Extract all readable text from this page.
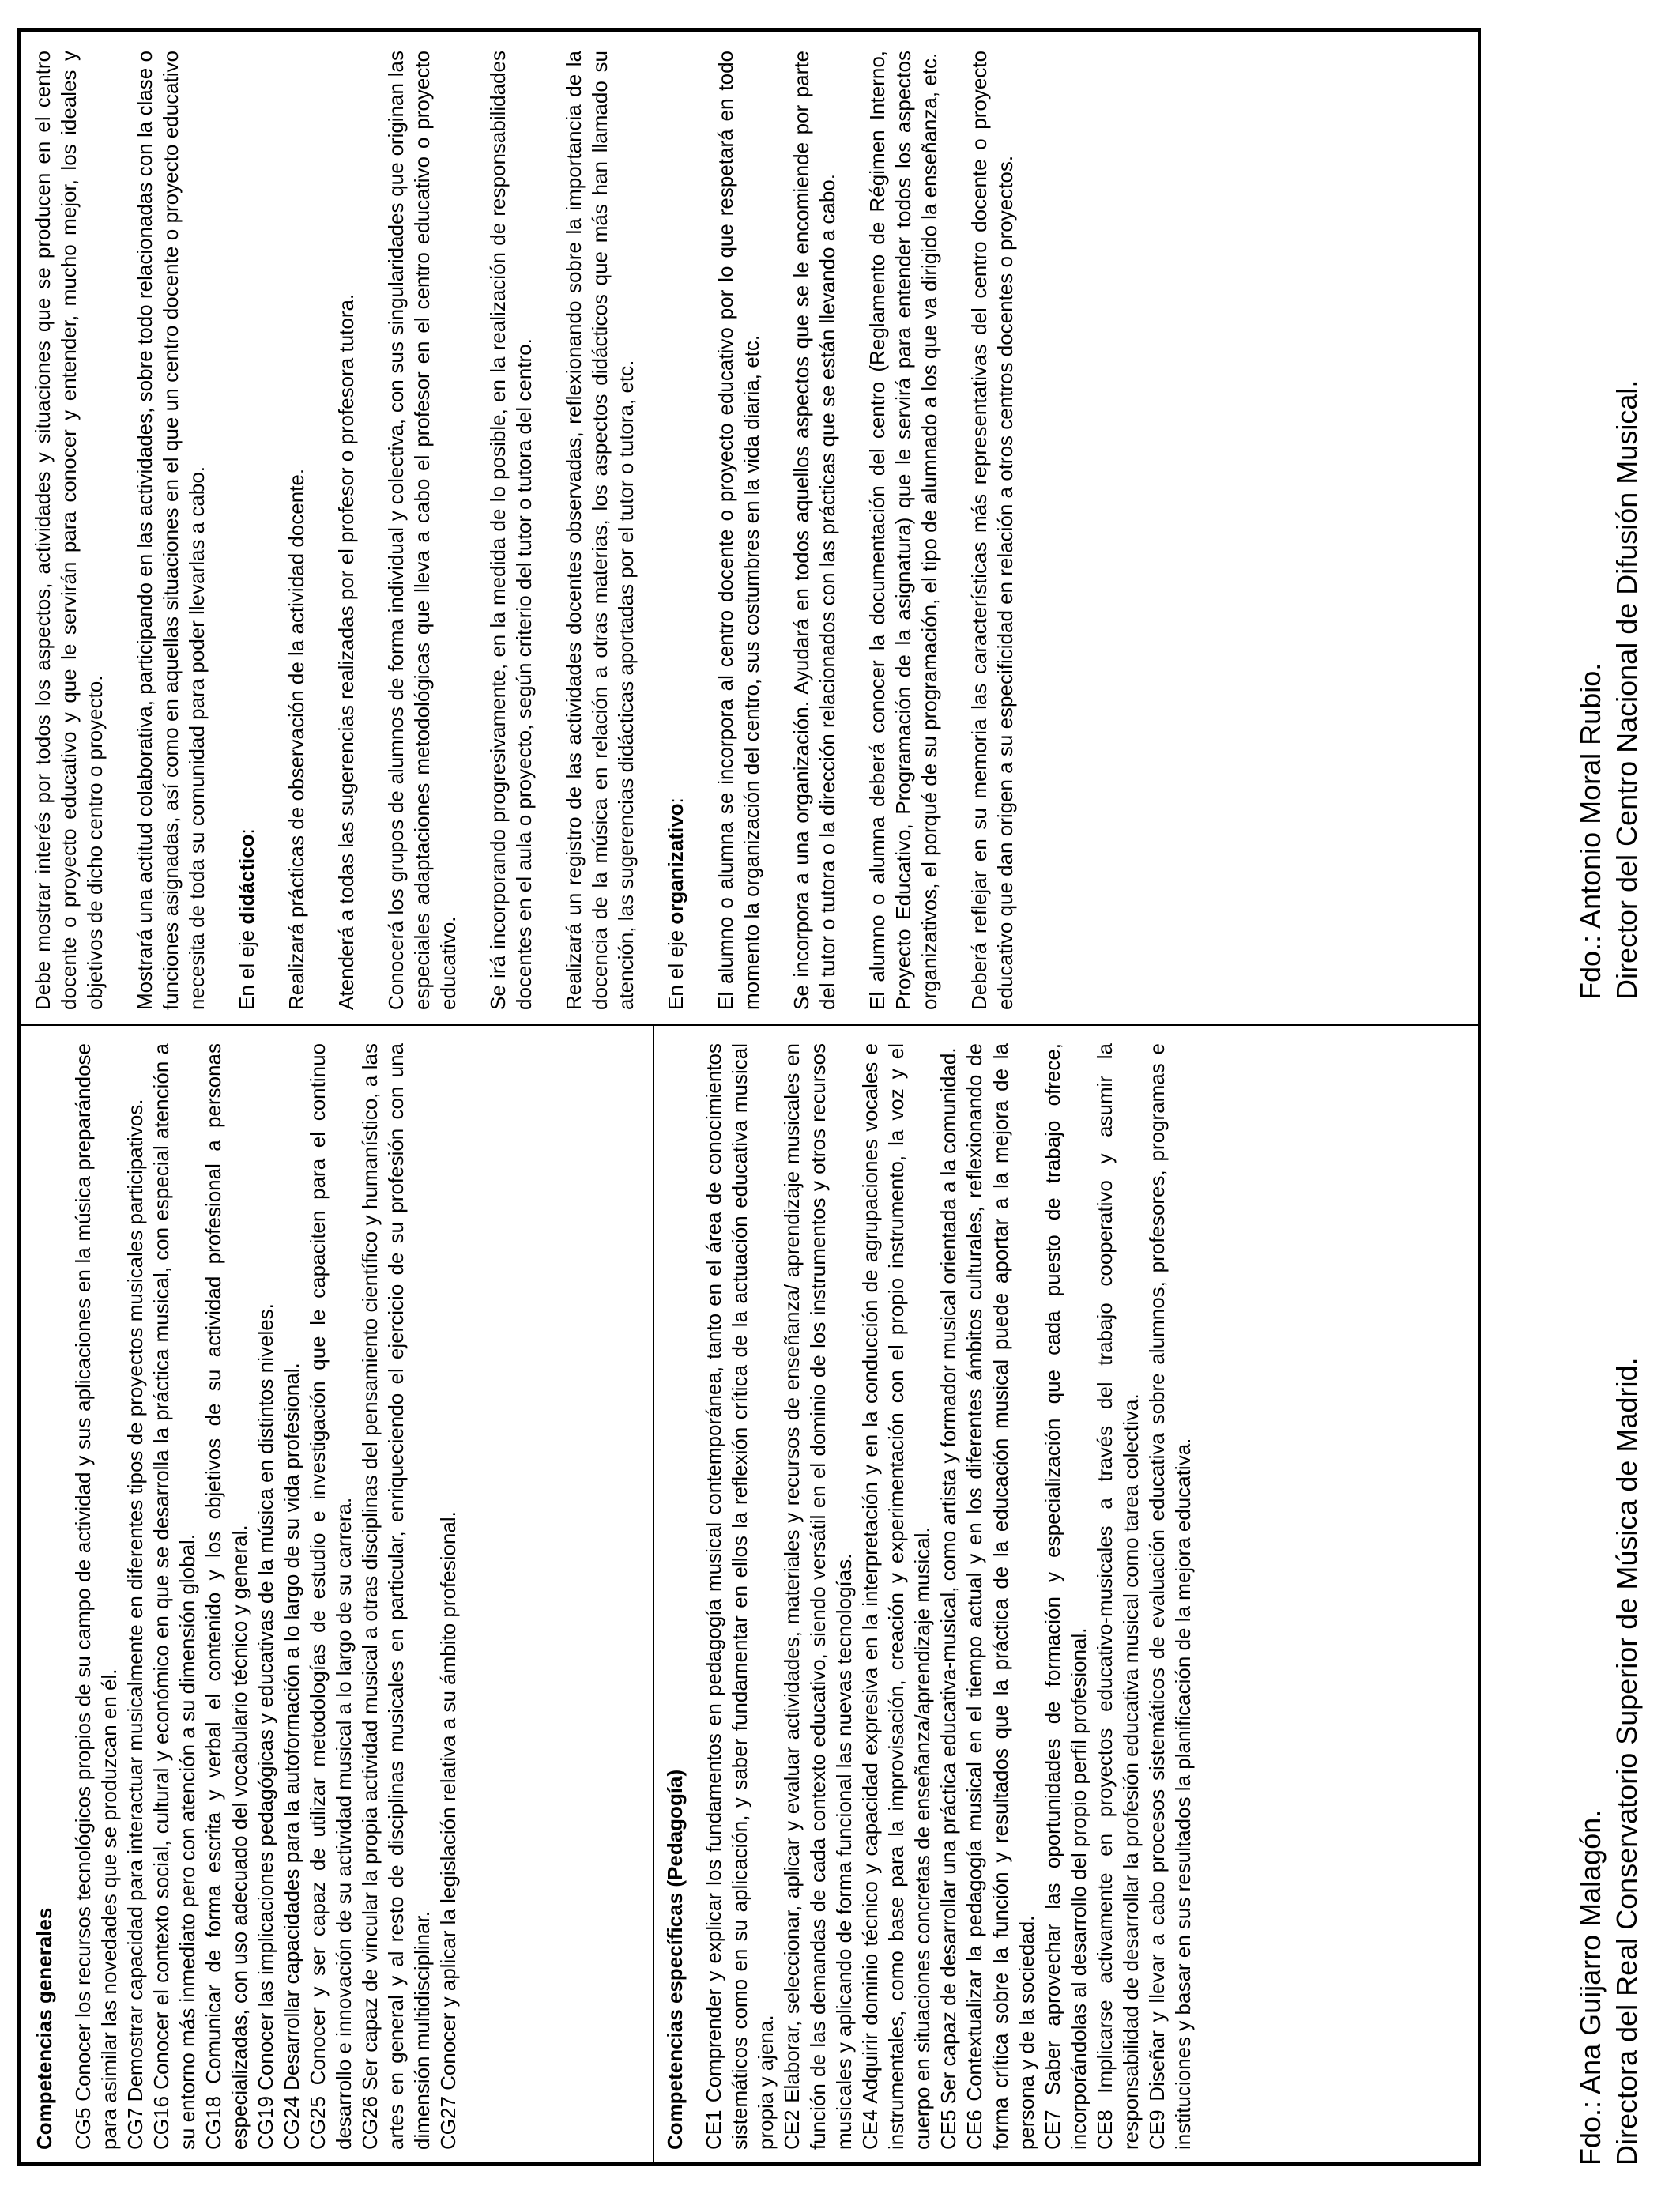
Competencias generales CG5 Conocer los recursos tecnológicos propios de su campo de actividad y sus aplicaciones en la música preparándose para asimilar las novedades que se produzcan en él. CG7 Demostrar capacidad para interactuar musicalmente en diferentes tipos de proyectos musicales participativos. CG16 Conocer el contexto social, cultural y económico en que se desarrolla la práctica musical, con especial atención a su entorno más inmediato pero con atención a su dimensión global. CG18 Comunicar de forma escrita y verbal el contenido y los objetivos de su actividad profesional a personas especializadas, con uso adecuado del vocabulario técnico y general. CG19 Conocer las implicaciones pedagógicas y educativas de la música en distintos niveles. CG24 Desarrollar capacidades para la autoformación a lo largo de su vida profesional. CG25 Conocer y ser capaz de utilizar metodologías de estudio e investigación que le capaciten para el continuo desarrollo e innovación de su actividad musical a lo largo de su carrera. CG26 Ser capaz de vincular la propia actividad musical a otras disciplinas del pensamiento científico y humanístico, a las artes en general y al resto de disciplinas musicales en particular, enriqueciendo el ejercicio de su profesión con una dimensión multidisciplinar. CG27 Conocer y aplicar la legislación relativa a su ámbito profesional.	Competencias específicas (Pedagogía) CE1 Comprender y explicar los fundamentos en pedagogía musical contemporánea, tanto en el área de conocimientos sistemáticos como en su aplicación, y saber fundamentar en ellos la reflexión crítica de la actuación educativa musical propia y ajena. CE2 Elaborar, seleccionar, aplicar y evaluar actividades, materiales y recursos de enseñanza/ aprendizaje musicales en función de las demandas de cada contexto educativo, siendo versátil en el dominio de los instrumentos y otros recursos musicales y aplicando de forma funcional las nuevas tecnologías. CE4 Adquirir dominio técnico y capacidad expresiva en la interpretación y en la conducción de agrupaciones vocales e instrumentales, como base para la improvisación, creación y experimentación con el propio instrumento, la voz y el cuerpo en situaciones concretas de enseñanza/aprendizaje musical. CE5 Ser capaz de desarrollar una práctica educativa-musical, como artista y formador musical orientada a la comunidad. CE6 Contextualizar la pedagogía musical en el tiempo actual y en los diferentes ámbitos culturales, reflexionando de forma crítica sobre la función y resultados que la práctica de la educación musical puede aportar a la mejora de la persona y de la sociedad. CE7 Saber aprovechar las oportunidades de formación y especialización que cada puesto de trabajo ofrece, incorporándolas al desarrollo del propio perfil profesional. CE8 Implicarse activamente en proyectos educativo-musicales a través del trabajo cooperativo y asumir la responsabilidad de desarrollar la profesión educativa musical como tarea colectiva. CE9 Diseñar y llevar a cabo procesos sistemáticos de evaluación educativa sobre alumnos, profesores, programas e instituciones y basar en sus resultados la planificación de la mejora educativa.

Debe mostrar interés por todos los aspectos, actividades y situaciones que se producen en el centro docente o proyecto educativo y que le servirán para conocer y entender, mucho mejor, los ideales y objetivos de dicho centro o proyecto. Mostrará una actitud colaborativa, participando en las actividades, sobre todo relacionadas con la clase o funciones asignadas, así como en aquellas situaciones en el que un centro docente o proyecto educativo necesita de toda su comunidad para poder llevarlas a cabo. En el eje didáctico: Realizará prácticas de observación de la actividad docente. Atenderá a todas las sugerencias realizadas por el profesor o profesora tutora. Conocerá los grupos de alumnos de forma individual y colectiva, con sus singularidades que originan las especiales adaptaciones metodológicas que lleva a cabo el profesor en el centro educativo o proyecto educativo. Se irá incorporando progresivamente, en la medida de lo posible, en la realización de responsabilidades docentes en el aula o proyecto, según criterio del tutor o tutora del centro. Realizará un registro de las actividades docentes observadas, reflexionando sobre la importancia de la docencia de la música en relación a otras materias, los aspectos didácticos que más han llamado su atención, las sugerencias didácticas aportadas por el tutor o tutora, etc. En el eje organizativo: El alumno o alumna se incorpora al centro docente o proyecto educativo por lo que respetará en todo momento la organización del centro, sus costumbres en la vida diaria, etc. Se incorpora a una organización. Ayudará en todos aquellos aspectos que se le encomiende por parte del tutor o tutora o la dirección relacionados con las prácticas que se están llevando a cabo. El alumno o alumna deberá conocer la documentación del centro (Reglamento de Régimen Interno, Proyecto Educativo, Programación de la asignatura) que le servirá para entender todos los aspectos organizativos, el porqué de su programación, el tipo de alumnado a los que va dirigido la enseñanza, etc. Deberá reflejar en su memoria las características más representativas del centro docente o proyecto educativo que dan origen a su especificidad en relación a otros centros docentes o proyectos.

Fdo.: Ana Guijarro Malagón. Directora del Real Conservatorio Superior de Música de Madrid.
Fdo.: Antonio Moral Rubio. Director del Centro Nacional de Difusión Musical.
